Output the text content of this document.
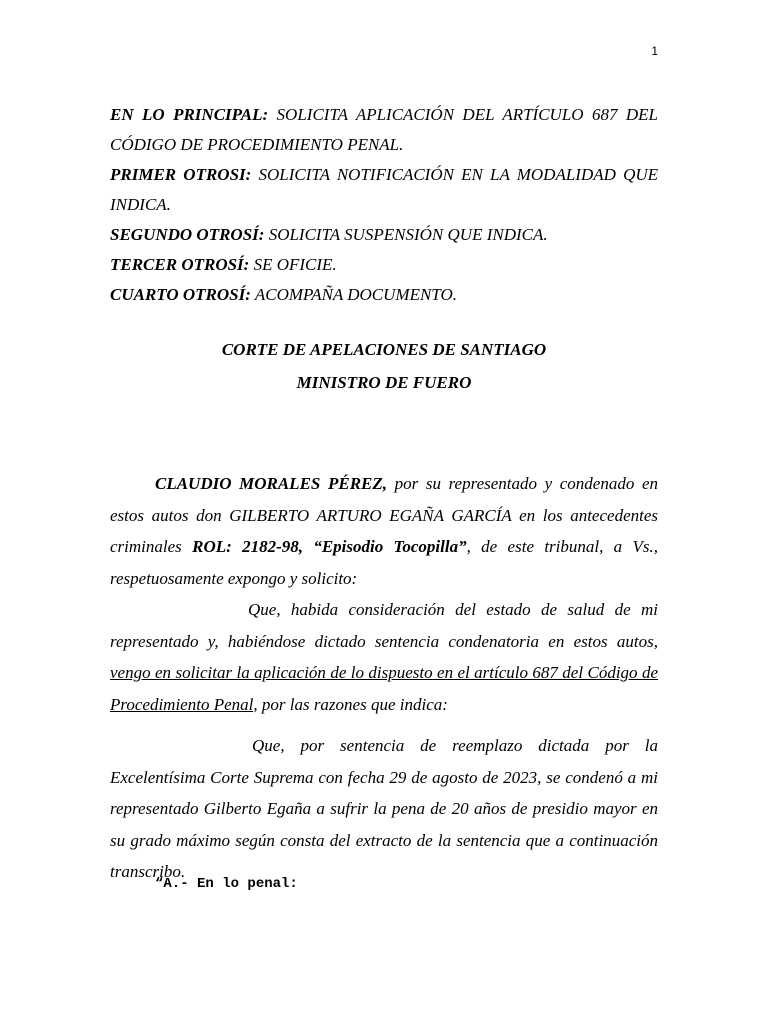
1
EN LO PRINCIPAL: SOLICITA APLICACIÓN DEL ARTÍCULO 687 DEL CÓDIGO DE PROCEDIMIENTO PENAL.
PRIMER OTROSI: SOLICITA NOTIFICACIÓN EN LA MODALIDAD QUE INDICA.
SEGUNDO OTROSÍ: SOLICITA SUSPENSIÓN QUE INDICA.
TERCER OTROSÍ: SE OFICIE.
CUARTO OTROSÍ: ACOMPAÑA DOCUMENTO.
CORTE DE APELACIONES DE SANTIAGO
MINISTRO DE FUERO

CLAUDIO MORALES PÉREZ, por su representado y condenado en estos autos don GILBERTO ARTURO EGAÑA GARCÍA en los antecedentes criminales ROL: 2182-98, “Episodio Tocopilla”, de este tribunal, a Vs., respetuosamente expongo y solicito:

Que, habida consideración del estado de salud de mi representado y, habiéndose dictado sentencia condenatoria en estos autos, vengo en solicitar la aplicación de lo dispuesto en el artículo 687 del Código de Procedimiento Penal, por las razones que indica:

Que, por sentencia de reemplazo dictada por la Excelentísima Corte Suprema con fecha 29 de agosto de 2023, se condenó a mi representado Gilberto Egaña a sufrir la pena de 20 años de presidio mayor en su grado máximo según consta del extracto de la sentencia que a continuación transcribo.

“A.- En lo penal:
